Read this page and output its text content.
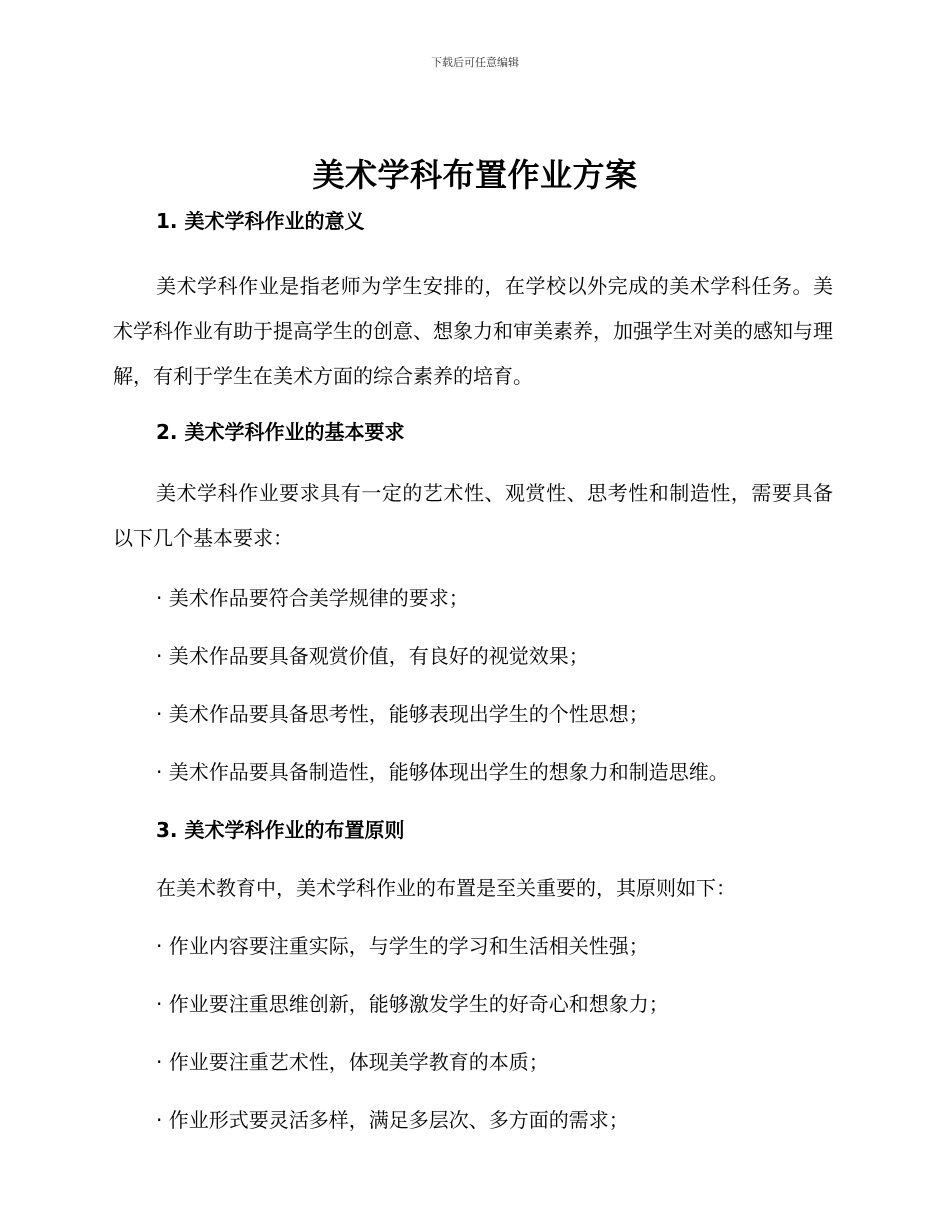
下载后可任意编辑

美术学科布置作业方案
1. 美术学科作业的意义

美术学科作业是指老师为学生安排的，在学校以外完成的美术学科任务。美术学科作业有助于提高学生的创意、想象力和审美素养，加强学生对美的感知与理解，有利于学生在美术方面的综合素养的培育。

2. 美术学科作业的基本要求

美术学科作业要求具有一定的艺术性、观赏性、思考性和制造性，需要具备以下几个基本要求：

· 美术作品要符合美学规律的要求；

· 美术作品要具备观赏价值，有良好的视觉效果；

· 美术作品要具备思考性，能够表现出学生的个性思想；

· 美术作品要具备制造性，能够体现出学生的想象力和制造思维。

3. 美术学科作业的布置原则

在美术教育中，美术学科作业的布置是至关重要的，其原则如下：

· 作业内容要注重实际，与学生的学习和生活相关性强；

· 作业要注重思维创新，能够激发学生的好奇心和想象力；

· 作业要注重艺术性，体现美学教育的本质；

· 作业形式要灵活多样，满足多层次、多方面的需求；
